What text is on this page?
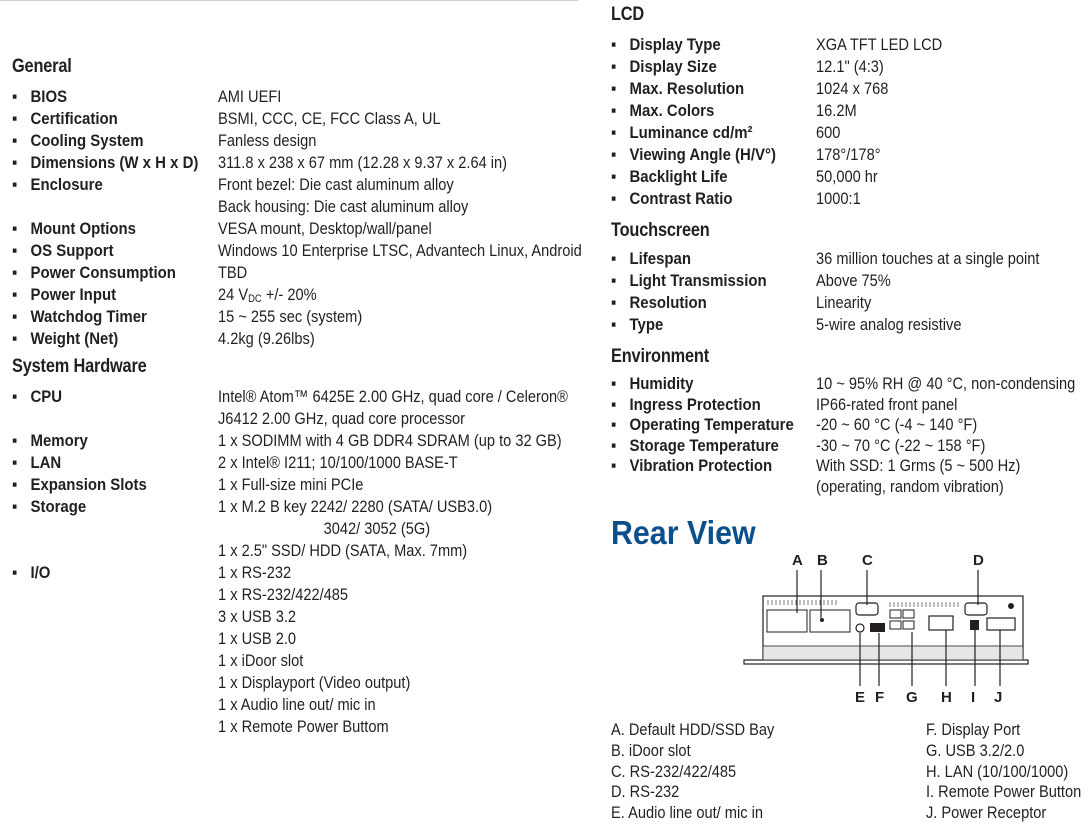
General
▪ BIOS	AMI UEFI
▪ Certification	BSMI, CCC, CE, FCC Class A, UL
▪ Cooling System	Fanless design
▪ Dimensions (W x H x D) 311.8 x 238 x 67 mm (12.28 x 9.37 x 2.64 in)
▪ Enclosure	Front bezel: Die cast aluminum alloy
Back housing: Die cast aluminum alloy
▪ Mount Options	VESA mount, Desktop/wall/panel
▪ OS Support	Windows 10 Enterprise LTSC, Advantech Linux, Android
▪ Power Consumption TBD
▪ Power Input	24 VDC +/- 20%
▪ Watchdog Timer	15 ~ 255 sec (system)
▪ Weight (Net)	4.2kg (9.26lbs)
System Hardware
▪ CPU	Intel® Atom™ 6425E 2.00 GHz, quad core / Celeron®
J6412 2.00 GHz, quad core processor
▪ Memory	1 x SODIMM with 4 GB DDR4 SDRAM (up to 32 GB)
▪ LAN	2 x Intel® I211; 10/100/1000 BASE-T
▪ Expansion Slots	1 x Full-size mini PCIe
▪ Storage	1 x M.2 B key 2242/ 2280 (SATA/ USB3.0)
3042/ 3052 (5G)
1 x 2.5" SSD/ HDD (SATA, Max. 7mm)
▪ I/O	1 x RS-232
1 x RS-232/422/485
3 x USB 3.2
1 x USB 2.0
1 x iDoor slot
1 x Displayport (Video output)
1 x Audio line out/ mic in
1 x Remote Power Buttom
LCD
▪ Display Type	XGA TFT LED LCD
▪ Display Size	12.1" (4:3)
▪ Max. Resolution	1024 x 768
▪ Max. Colors	16.2M
▪ Luminance cd/m²	600
▪ Viewing Angle (H/V°) 178°/178°
▪ Backlight Life	50,000 hr
▪ Contrast Ratio	1000:1
Touchscreen
▪ Lifespan	36 million touches at a single point
▪ Light Transmission	Above 75%
▪ Resolution	Linearity
▪ Type	5-wire analog resistive
Environment
▪ Humidity	10 ~ 95% RH @ 40 °C, non-condensing
▪ Ingress Protection	IP66-rated front panel
▪ Operating Temperature -20 ~ 60 °C (-4 ~ 140 °F)
▪ Storage Temperature -30 ~ 70 °C (-22 ~ 158 °F)
▪ Vibration Protection	With SSD: 1 Grms (5 ~ 500 Hz)
(operating, random vibration)
Rear View
A B C	D
E F G H I J
A. Default HDD/SSD Bay
B. iDoor slot
C. RS-232/422/485
D. RS-232
E. Audio line out/ mic in
F. Display Port
G. USB 3.2/2.0
H. LAN (10/100/1000)
I. Remote Power Button
J. Power Receptor
